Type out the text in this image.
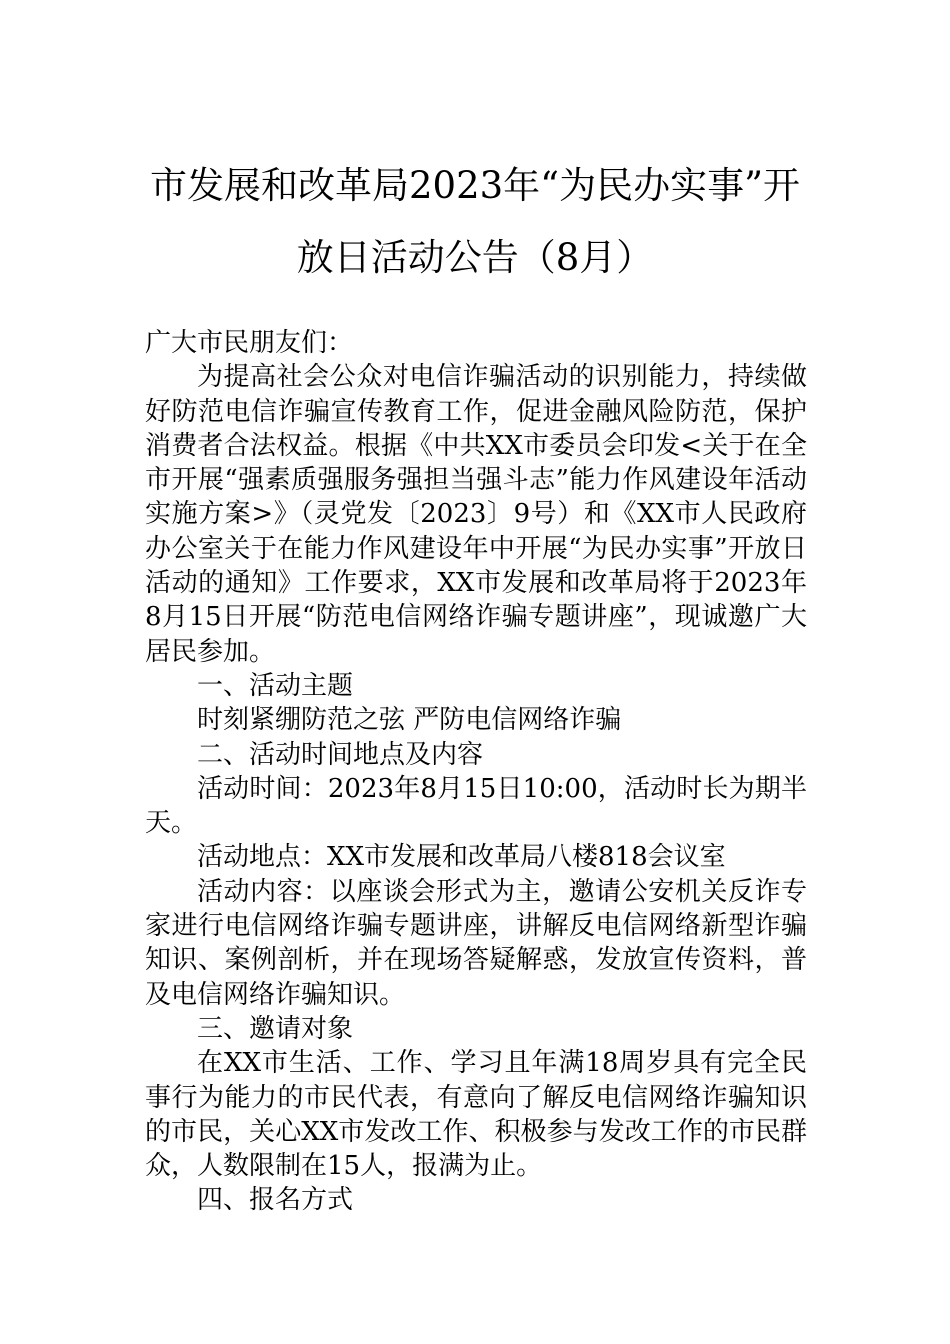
市发展和改革局2023年“为民办实事”开
放日活动公告（8月）

广大市民朋友们：

为提高社会公众对电信诈骗活动的识别能力，持续做好防范电信诈骗宣传教育工作，促进金融风险防范，保护消费者合法权益。根据《中共XX市委员会印发<关于在全市开展“强素质强服务强担当强斗志”能力作风建设年活动实施方案>》（灵党发〔2023〕9号）和《XX市人民政府办公室关于在能力作风建设年中开展“为民办实事”开放日活动的通知》工作要求，XX市发展和改革局将于2023年8月15日开展“防范电信网络诈骗专题讲座”，现诚邀广大居民参加。

一、活动主题

时刻紧绷防范之弦 严防电信网络诈骗

二、活动时间地点及内容

活动时间：2023年8月15日10:00，活动时长为期半天。

活动地点：XX市发展和改革局八楼818会议室

活动内容：以座谈会形式为主，邀请公安机关反诈专家进行电信网络诈骗专题讲座，讲解反电信网络新型诈骗知识、案例剖析，并在现场答疑解惑，发放宣传资料，普及电信网络诈骗知识。

三、邀请对象

在XX市生活、工作、学习且年满18周岁具有完全民事行为能力的市民代表，有意向了解反电信网络诈骗知识的市民，关心XX市发改工作、积极参与发改工作的市民群众，人数限制在15人，报满为止。

四、报名方式
